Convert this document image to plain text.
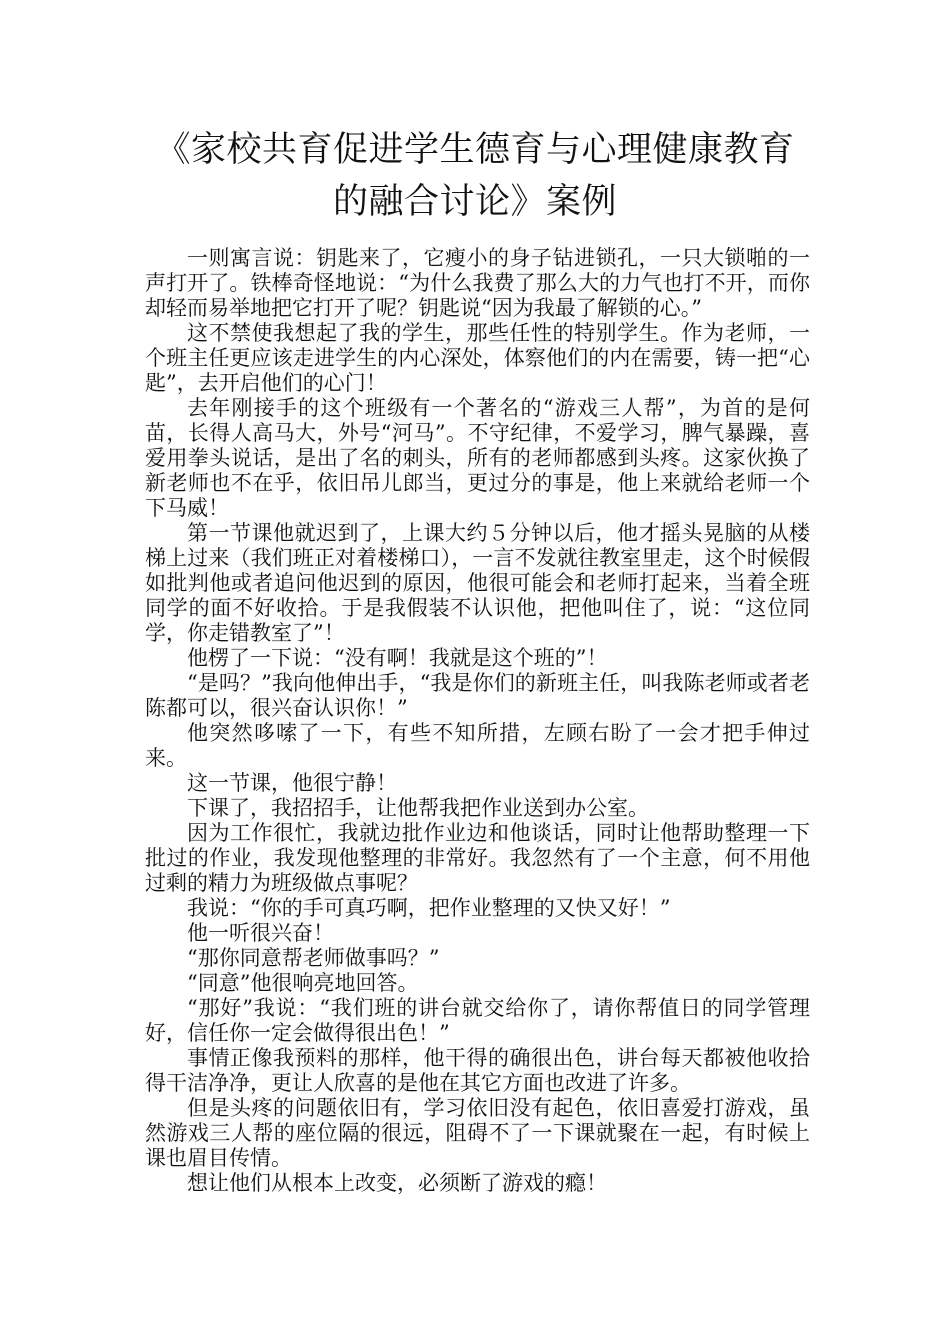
《家校共育促进学生德育与心理健康教育
的融合讨论》案例

一则寓言说：钥匙来了，它瘦小的身子钻进锁孔，一只大锁啪的一声打开了。铁棒奇怪地说：“为什么我费了那么大的力气也打不开，而你却轻而易举地把它打开了呢？钥匙说“因为我最了解锁的心。”

这不禁使我想起了我的学生，那些任性的特别学生。作为老师，一个班主任更应该走进学生的内心深处，体察他们的内在需要，铸一把“心匙”，去开启他们的心门！

去年刚接手的这个班级有一个著名的“游戏三人帮”，为首的是何苗，长得人高马大，外号“河马”。不守纪律，不爱学习，脾气暴躁，喜爱用拳头说话，是出了名的刺头，所有的老师都感到头疼。这家伙换了新老师也不在乎，依旧吊儿郎当，更过分的事是，他上来就给老师一个下马威！

第一节课他就迟到了，上课大约５分钟以后，他才摇头晃脑的从楼梯上过来（我们班正对着楼梯口），一言不发就往教室里走，这个时候假如批判他或者追问他迟到的原因，他很可能会和老师打起来，当着全班同学的面不好收拾。于是我假装不认识他，把他叫住了，说：“这位同学，你走错教室了”！

他楞了一下说：“没有啊！我就是这个班的”！

“是吗？”我向他伸出手，“我是你们的新班主任，叫我陈老师或者老陈都可以，很兴奋认识你！”

他突然哆嗦了一下，有些不知所措，左顾右盼了一会才把手伸过来。

这一节课，他很宁静！

下课了，我招招手，让他帮我把作业送到办公室。

因为工作很忙，我就边批作业边和他谈话，同时让他帮助整理一下批过的作业，我发现他整理的非常好。我忽然有了一个主意，何不用他过剩的精力为班级做点事呢？

我说：“你的手可真巧啊，把作业整理的又快又好！”

他一听很兴奋！

“那你同意帮老师做事吗？”

“同意”他很响亮地回答。

“那好”我说：“我们班的讲台就交给你了，请你帮值日的同学管理好，信任你一定会做得很出色！”

事情正像我预料的那样，他干得的确很出色，讲台每天都被他收拾得干洁净净，更让人欣喜的是他在其它方面也改进了许多。

但是头疼的问题依旧有，学习依旧没有起色，依旧喜爱打游戏，虽然游戏三人帮的座位隔的很远，阻碍不了一下课就聚在一起，有时候上课也眉目传情。

想让他们从根本上改变，必须断了游戏的瘾！
